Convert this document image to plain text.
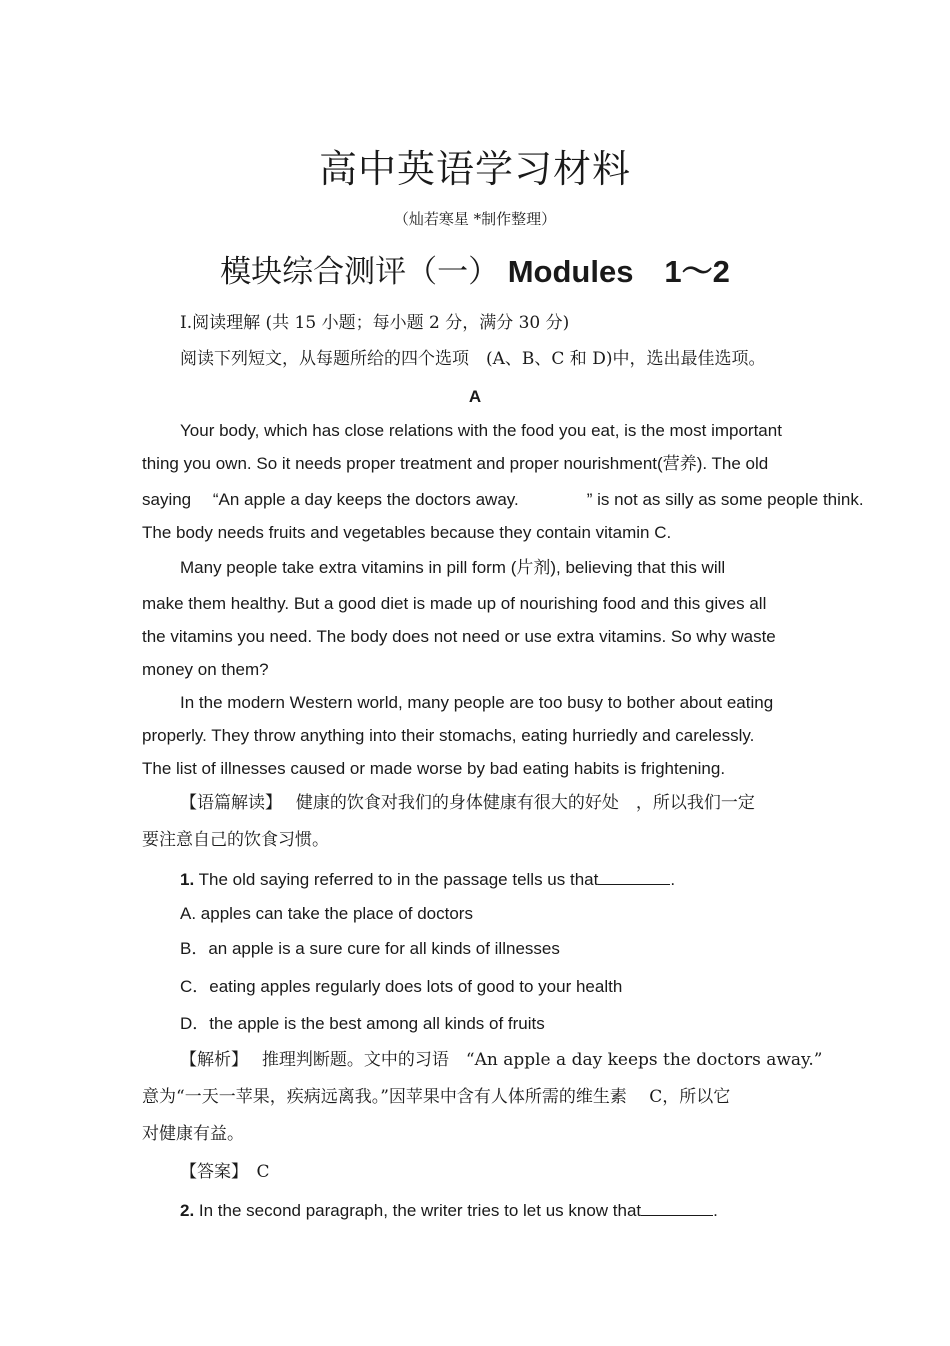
高中英语学习材料
（灿若寒星 *制作整理）
模块综合测评（一） Modules　1～2
Ⅰ.阅读理解 (共 15 小题；每小题 2 分，满分 30 分)
阅读下列短文，从每题所给的四个选项　(A、B、C 和 D)中，选出最佳选项。
A
Your body, which has close relations with the food you eat, is the most important
thing you own. So it needs proper treatment and proper nourishment(营养). The old
saying　 “An apple a day keeps the doctors away.　　　　” is not as silly as some people think.
The body needs fruits and vegetables because they contain vitamin C.
Many people take extra vitamins in pill form (片剂), believing that this will
make them healthy. But a good diet is made up of nourishing food and this gives all
the vitamins you need. The body does not need or use extra vitamins. So why waste
money on them?
In the modern Western world, many people are too busy to bother about eating
properly. They throw anything into their stomachs, eating hurriedly and carelessly.
The list of illnesses caused or made worse by bad eating habits is frightening.
【语篇解读】　 健康的饮食对我们的身体健康有很大的好处　，所以我们一定
要注意自己的饮食习惯。
1. The old saying referred to in the passage tells us that	.
A. apples can take the place of doctors
B．an apple is a sure cure for all kinds of illnesses
C．eating apples regularly does lots of good to your health
D．the apple is the best among all kinds of fruits
【解析】　 推理判断题。文中的习语　“An apple a day keeps the doctors away.”
意为“一天一苹果，疾病远离我。”因苹果中含有人体所需的维生素　 C，所以它
对健康有益。
【答案】　C
2. In the second paragraph, the writer tries to let us know that	.
